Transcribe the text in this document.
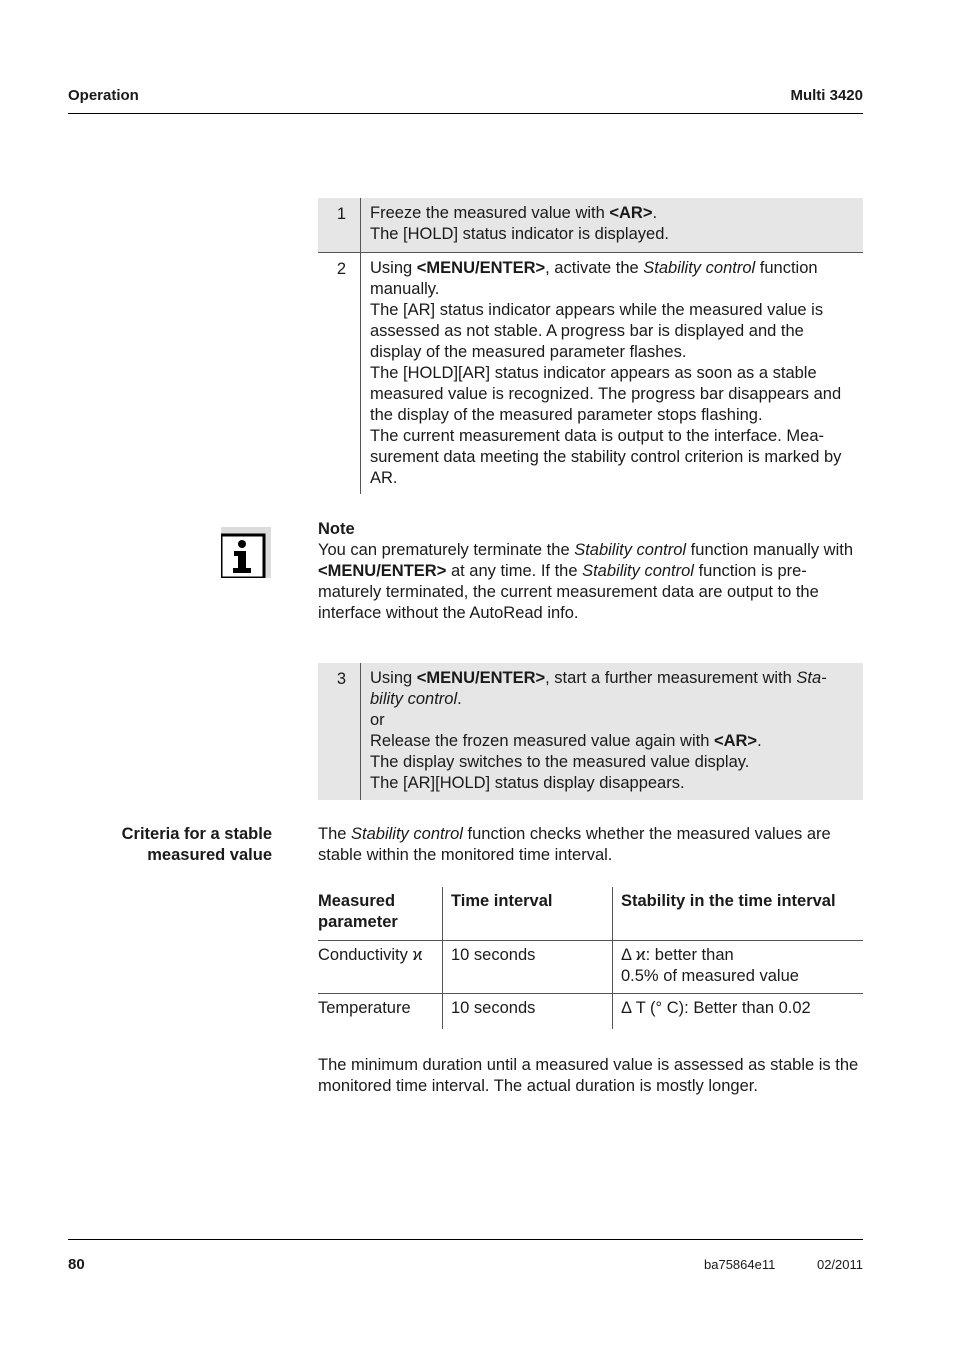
Operation	Multi 3420
1	Freeze the measured value with <AR>.
The [HOLD] status indicator is displayed.
2	Using <MENU/ENTER>, activate the Stability control function manually.
The [AR] status indicator appears while the measured value is assessed as not stable. A progress bar is displayed and the display of the measured parameter flashes.
The [HOLD][AR] status indicator appears as soon as a stable measured value is recognized. The progress bar disappears and the display of the measured parameter stops flashing.
The current measurement data is output to the interface. Mea-surement data meeting the stability control criterion is marked by AR.
Note
You can prematurely terminate the Stability control function manually with <MENU/ENTER> at any time. If the Stability control function is pre-maturely terminated, the current measurement data are output to the interface without the AutoRead info.
3	Using <MENU/ENTER>, start a further measurement with Sta-bility control.
or
Release the frozen measured value again with <AR>.
The display switches to the measured value display.
The [AR][HOLD] status display disappears.
Criteria for a stable
measured value
The Stability control function checks whether the measured values are stable within the monitored time interval.
Measured parameter	Time interval	Stability in the time interval
Conductivity ϰ	10 seconds	Δ ϰ: better than
0.5% of measured value

Temperature	10 seconds	Δ T (° C): Better than 0.02
The minimum duration until a measured value is assessed as stable is the monitored time interval. The actual duration is mostly longer.
80	ba75864e11	02/2011
